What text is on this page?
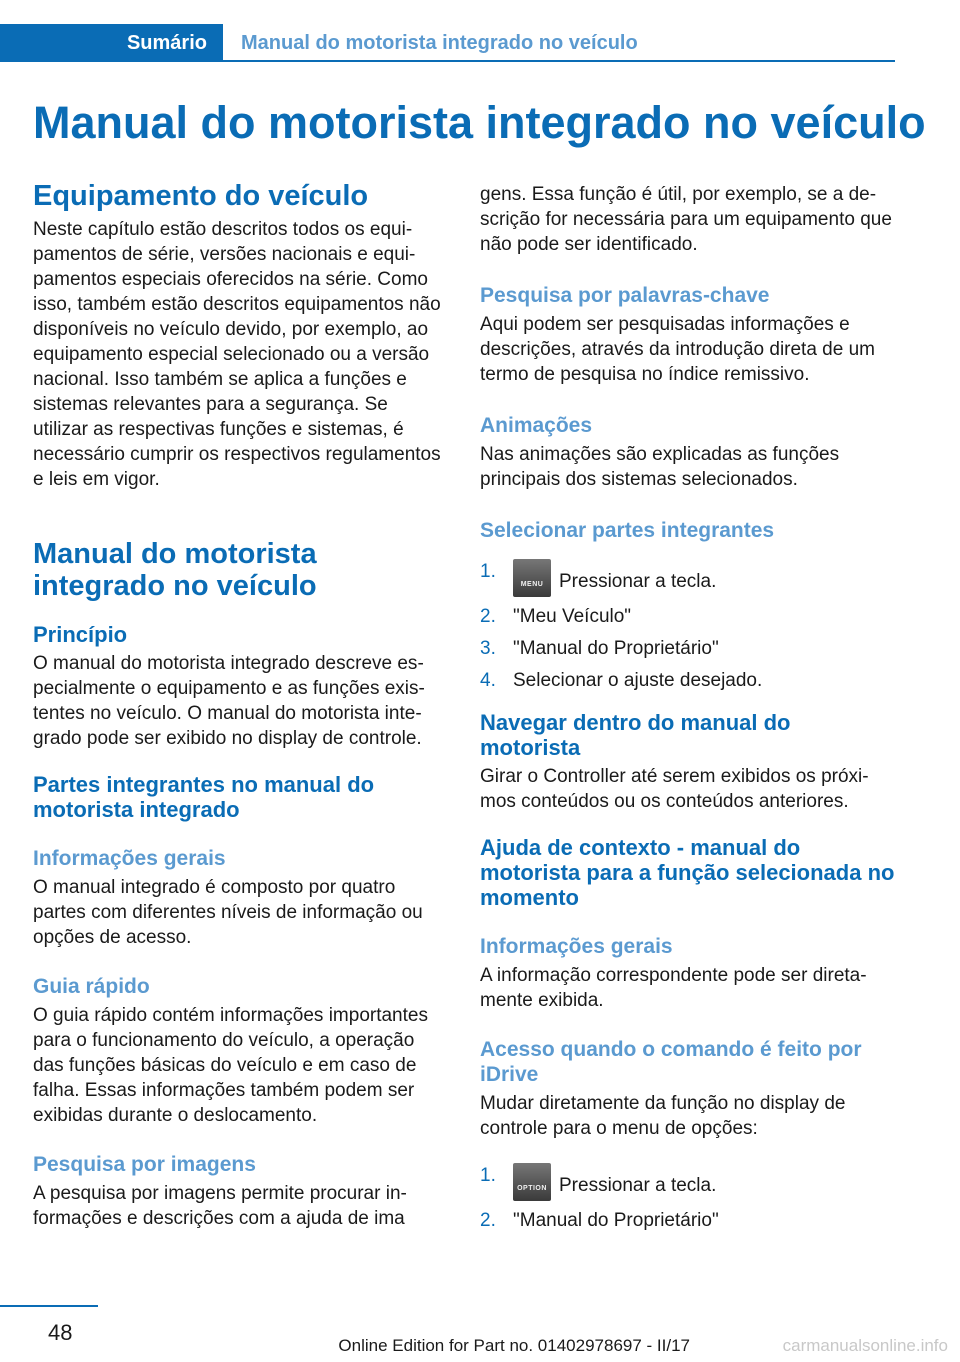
Sumário	Manual do motorista integrado no veículo
Manual do motorista integrado no veículo
Equipamento do veículo

Neste capítulo estão descritos todos os equipamentos de série, versões nacionais e equipamentos especiais oferecidos na série. Como isso, também estão descritos equipamentos não disponíveis no veículo devido, por exemplo, ao equipamento especial selecionado ou a versão nacional. Isso também se aplica a funções e sistemas relevantes para a segurança. Se utilizar as respectivas funções e sistemas, é necessário cumprir os respectivos regulamentos e leis em vigor.

Manual do motorista integrado no veículo
Princípio

O manual do motorista integrado descreve especialmente o equipamento e as funções existentes no veículo. O manual do motorista integrado pode ser exibido no display de controle.

Partes integrantes no manual do motorista integrado
Informações gerais

O manual integrado é composto por quatro partes com diferentes níveis de informação ou opções de acesso.

Guia rápido

O guia rápido contém informações importantes para o funcionamento do veículo, a operação das funções básicas do veículo e em caso de falha. Essas informações também podem ser exibidas durante o deslocamento.

Pesquisa por imagens

A pesquisa por imagens permite procurar informações e descrições com a ajuda de ima

gens. Essa função é útil, por exemplo, se a descrição for necessária para um equipamento que não pode ser identificado.

Pesquisa por palavras-chave

Aqui podem ser pesquisadas informações e descrições, através da introdução direta de um termo de pesquisa no índice remissivo.

Animações

Nas animações são explicadas as funções principais dos sistemas selecionados.

Selecionar partes integrantes
1.
MENU Pressionar a tecla.
2. "Meu Veículo"
3. "Manual do Proprietário"
4. Selecionar o ajuste desejado.
Navegar dentro do manual do motorista

Girar o Controller até serem exibidos os próximos conteúdos ou os conteúdos anteriores.

Ajuda de contexto - manual do motorista para a função selecionada no momento
Informações gerais

A informação correspondente pode ser diretamente exibida.

Acesso quando o comando é feito por iDrive

Mudar diretamente da função no display de controle para o menu de opções:

1.
OPTION Pressionar a tecla.
2. "Manual do Proprietário"
48
Online Edition for Part no. 01402978697 - II/17	carmanualsonline.info
